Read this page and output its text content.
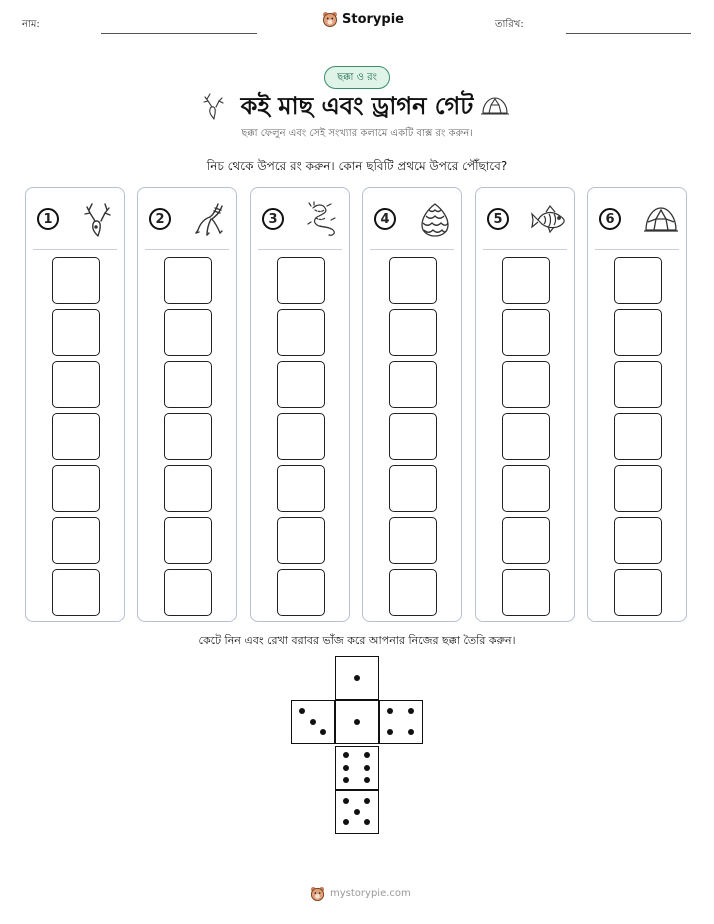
নাম:	Storypie	তারিখ:
ছক্কা ও রং
কই মাছ এবং ড্রাগন গেট
ছক্কা ফেলুন এবং সেই সংখ্যার কলামে একটি বাক্স রং করুন।
নিচ থেকে উপরে রং করুন। কোন ছবিটি প্রথমে উপরে পৌঁছাবে?
1	2	3	4	5	6
কেটে নিন এবং রেখা বরাবর ভাঁজ করে আপনার নিজের ছক্কা তৈরি করুন।
mystorypie.com
